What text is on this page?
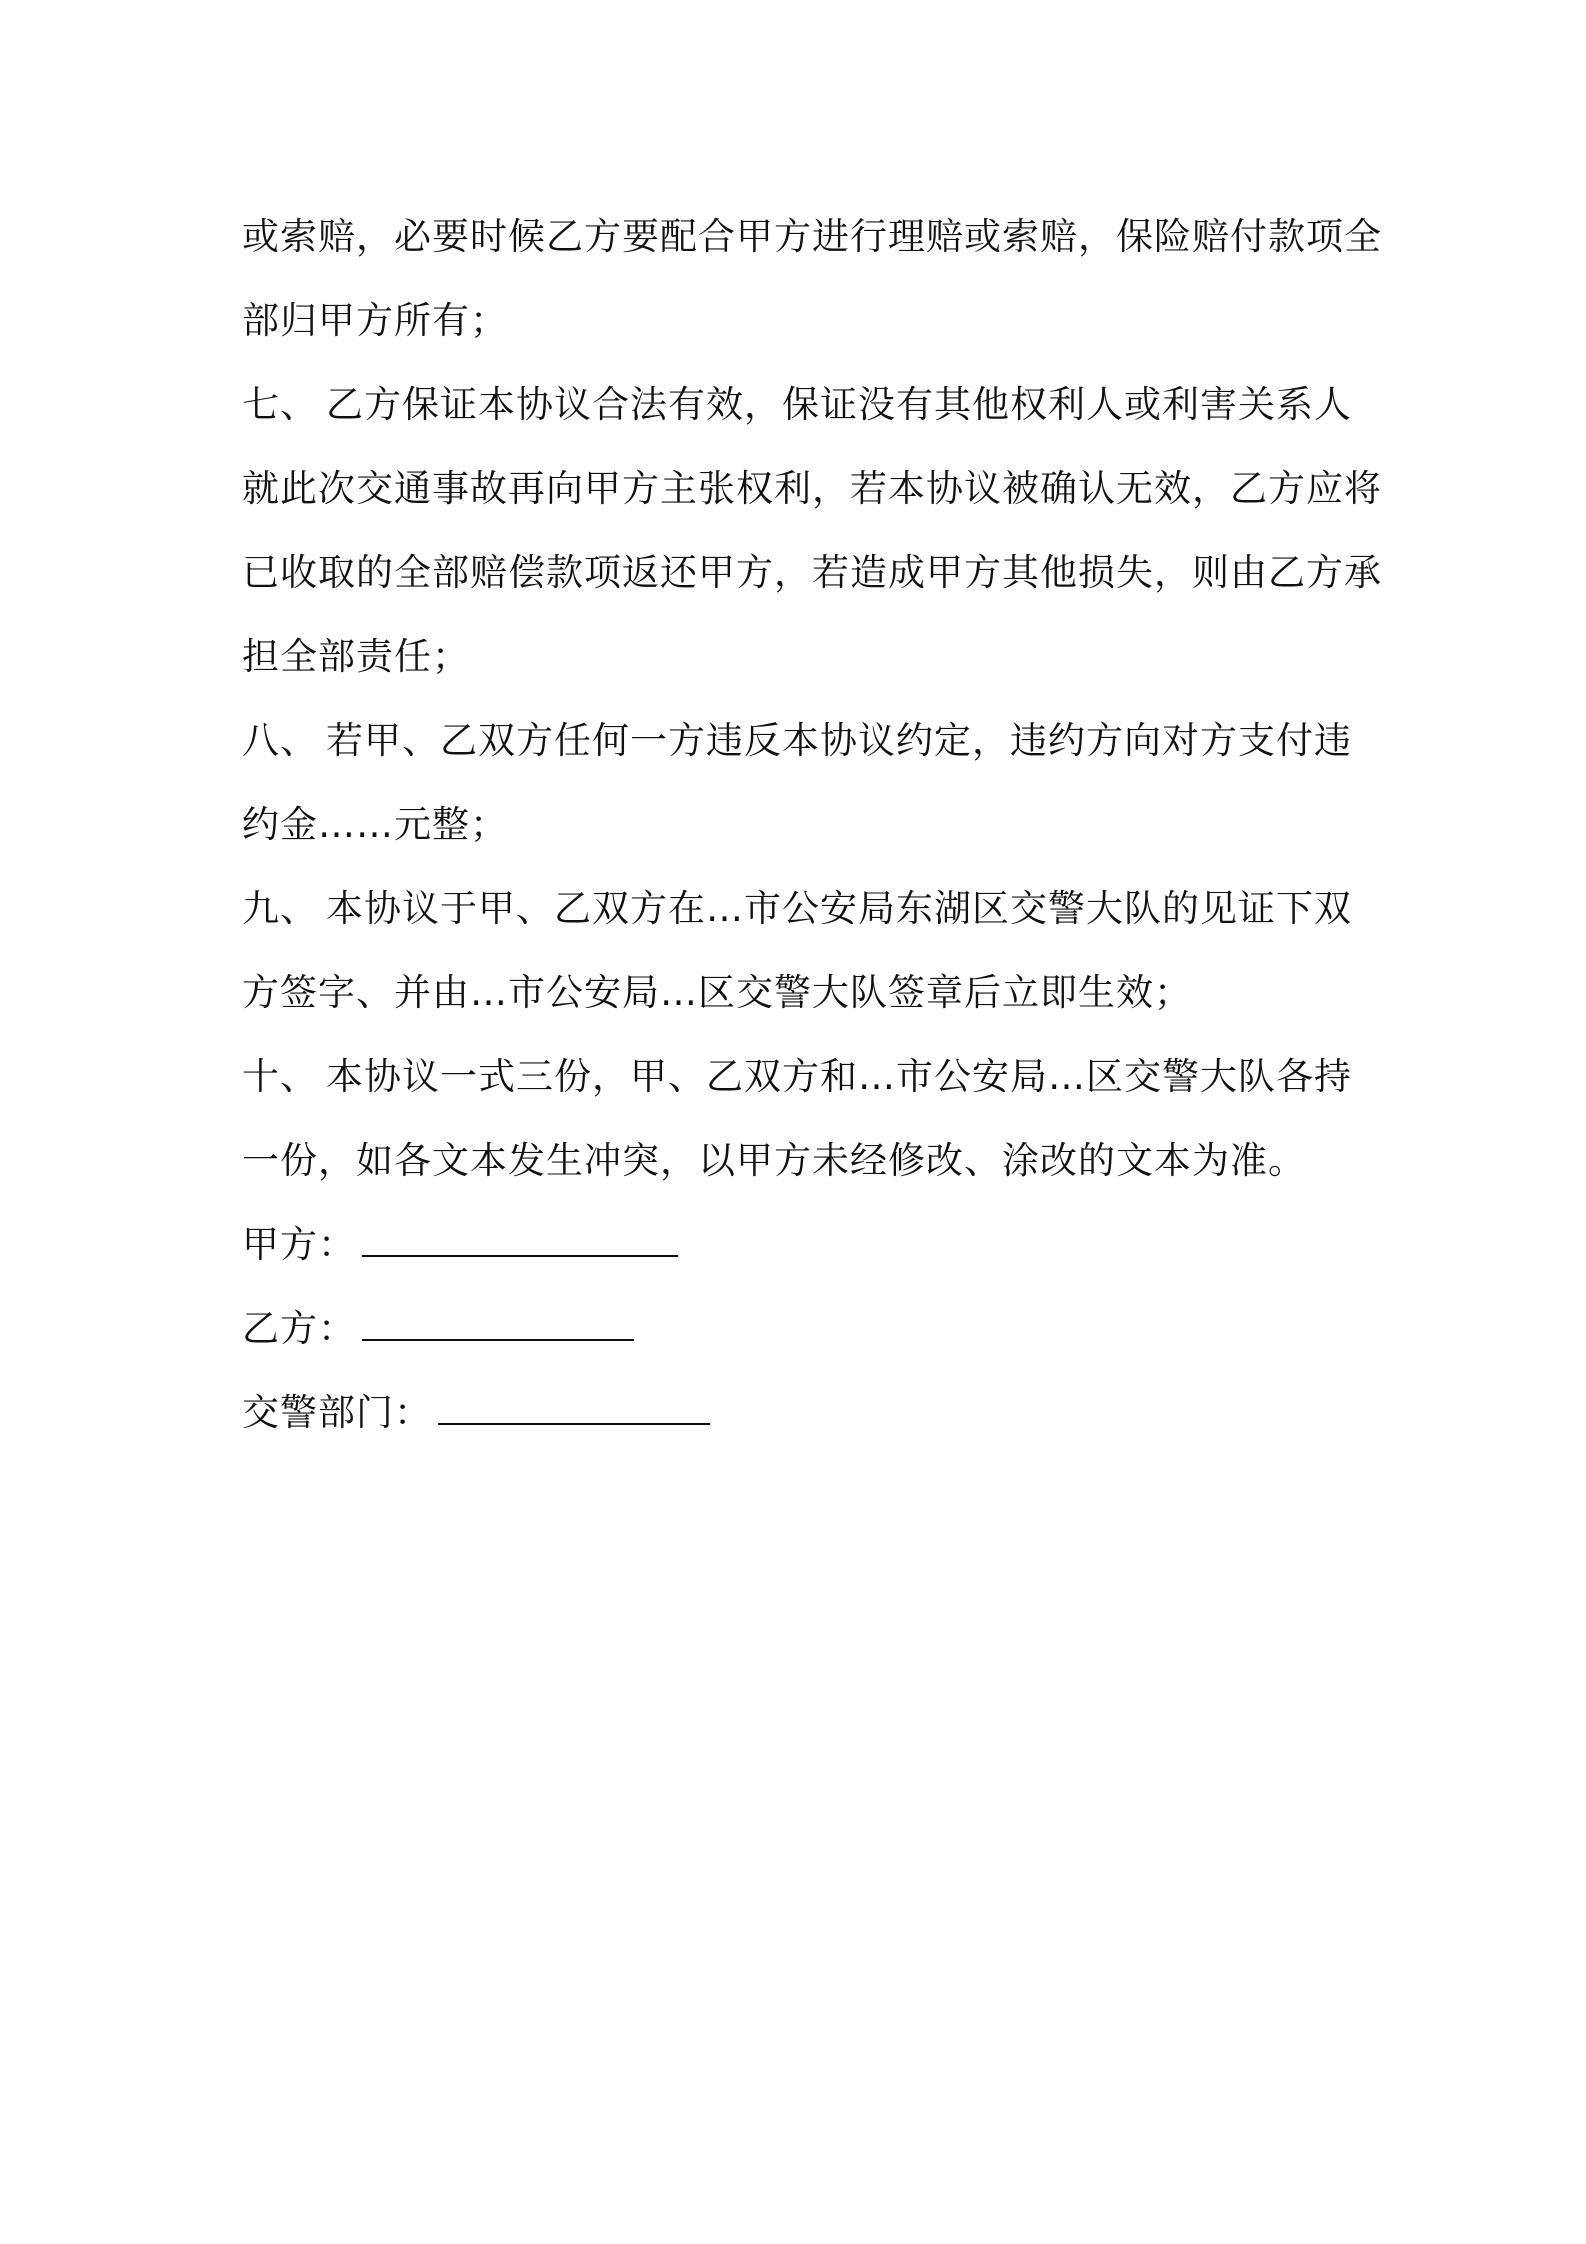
或索赔，必要时候乙方要配合甲方进行理赔或索赔，保险赔付款项全
部归甲方所有；
七、 乙方保证本协议合法有效，保证没有其他权利人或利害关系人
就此次交通事故再向甲方主张权利，若本协议被确认无效，乙方应将
已收取的全部赔偿款项返还甲方，若造成甲方其他损失，则由乙方承
担全部责任；
八、 若甲、乙双方任何一方违反本协议约定，违约方向对方支付违
约金……元整；
九、 本协议于甲、乙双方在…市公安局东湖区交警大队的见证下双
方签字、并由…市公安局…区交警大队签章后立即生效；
十、 本协议一式三份，甲、乙双方和…市公安局…区交警大队各持
一份，如各文本发生冲突，以甲方未经修改、涂改的文本为准。
甲方：
乙方：
交警部门：
